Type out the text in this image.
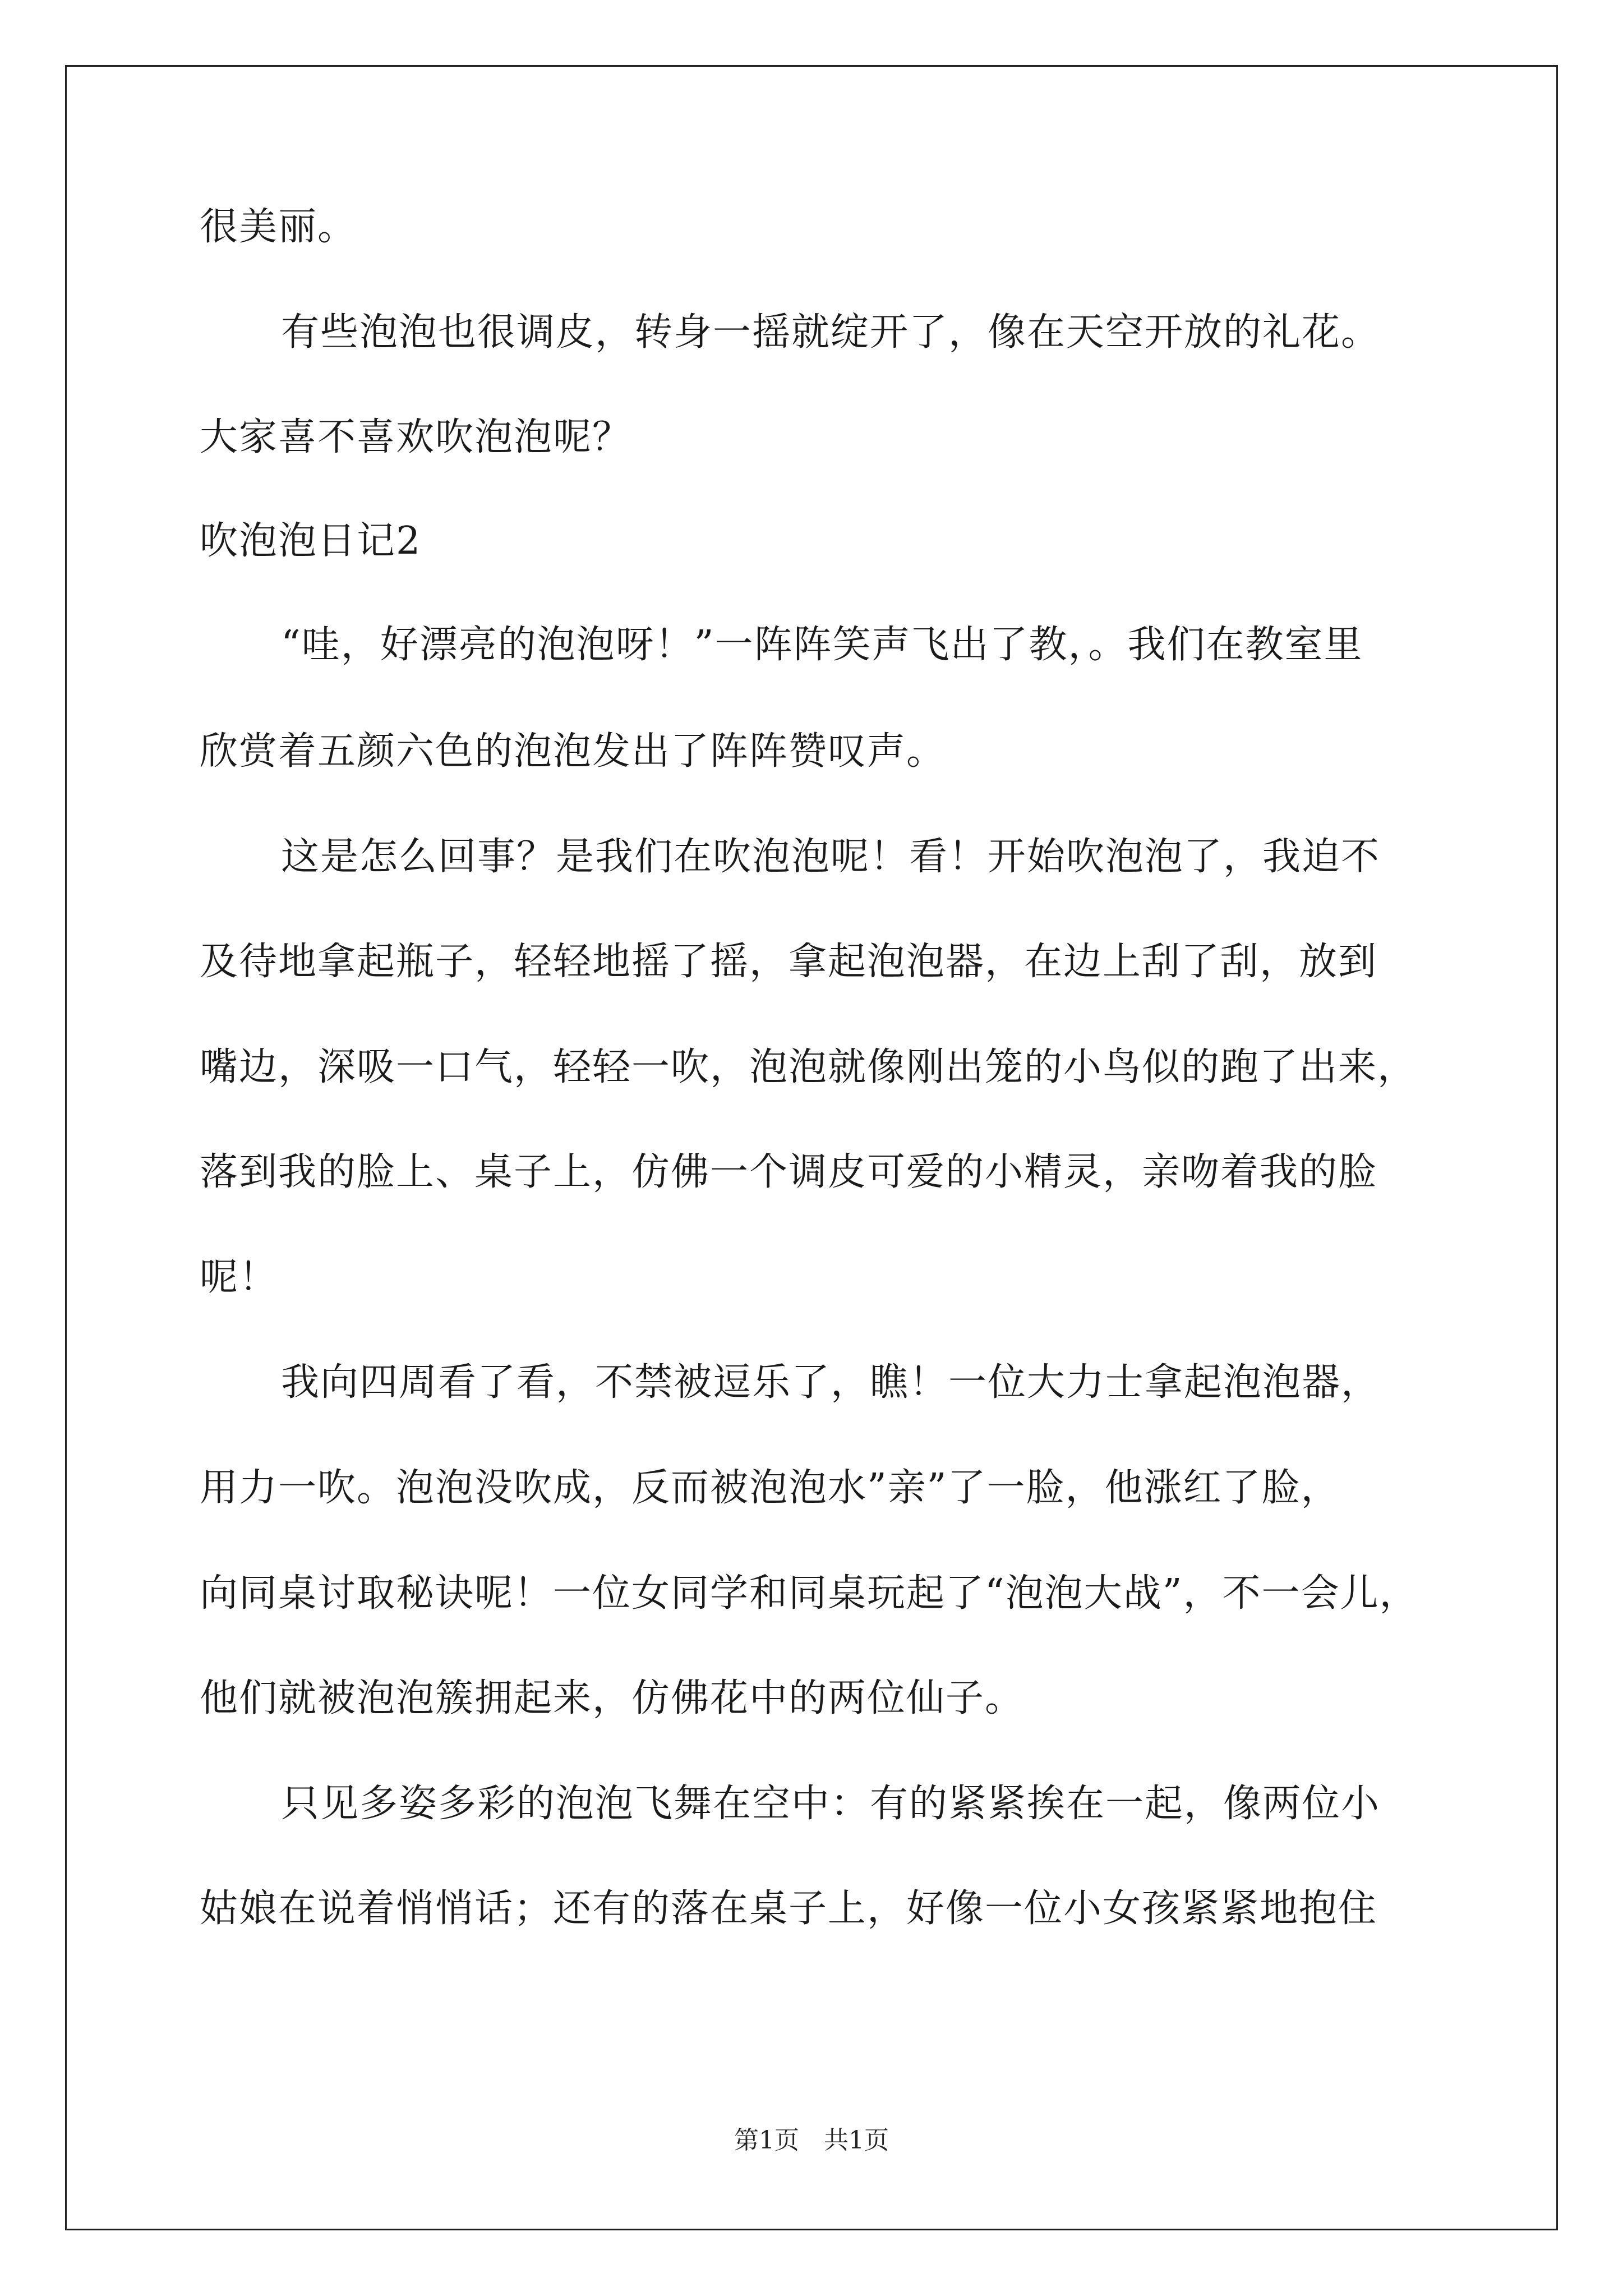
很美丽。
有些泡泡也很调皮，转身一摇就绽开了，像在天空开放的礼花。
大家喜不喜欢吹泡泡呢？
吹泡泡日记2
“哇，好漂亮的泡泡呀！”一阵阵笑声飞出了教，。我们在教室里
欣赏着五颜六色的泡泡发出了阵阵赞叹声。
这是怎么回事？是我们在吹泡泡呢！看！开始吹泡泡了，我迫不
及待地拿起瓶子，轻轻地摇了摇，拿起泡泡器，在边上刮了刮，放到
嘴边，深吸一口气，轻轻一吹，泡泡就像刚出笼的小鸟似的跑了出来，
落到我的脸上、桌子上，仿佛一个调皮可爱的小精灵，亲吻着我的脸
呢！
我向四周看了看，不禁被逗乐了，瞧！一位大力士拿起泡泡器，
用力一吹。泡泡没吹成，反而被泡泡水”亲”了一脸，他涨红了脸，
向同桌讨取秘诀呢！一位女同学和同桌玩起了“泡泡大战”，不一会儿，
他们就被泡泡簇拥起来，仿佛花中的两位仙子。
只见多姿多彩的泡泡飞舞在空中：有的紧紧挨在一起，像两位小
姑娘在说着悄悄话；还有的落在桌子上，好像一位小女孩紧紧地抱住
第1页 共1页
